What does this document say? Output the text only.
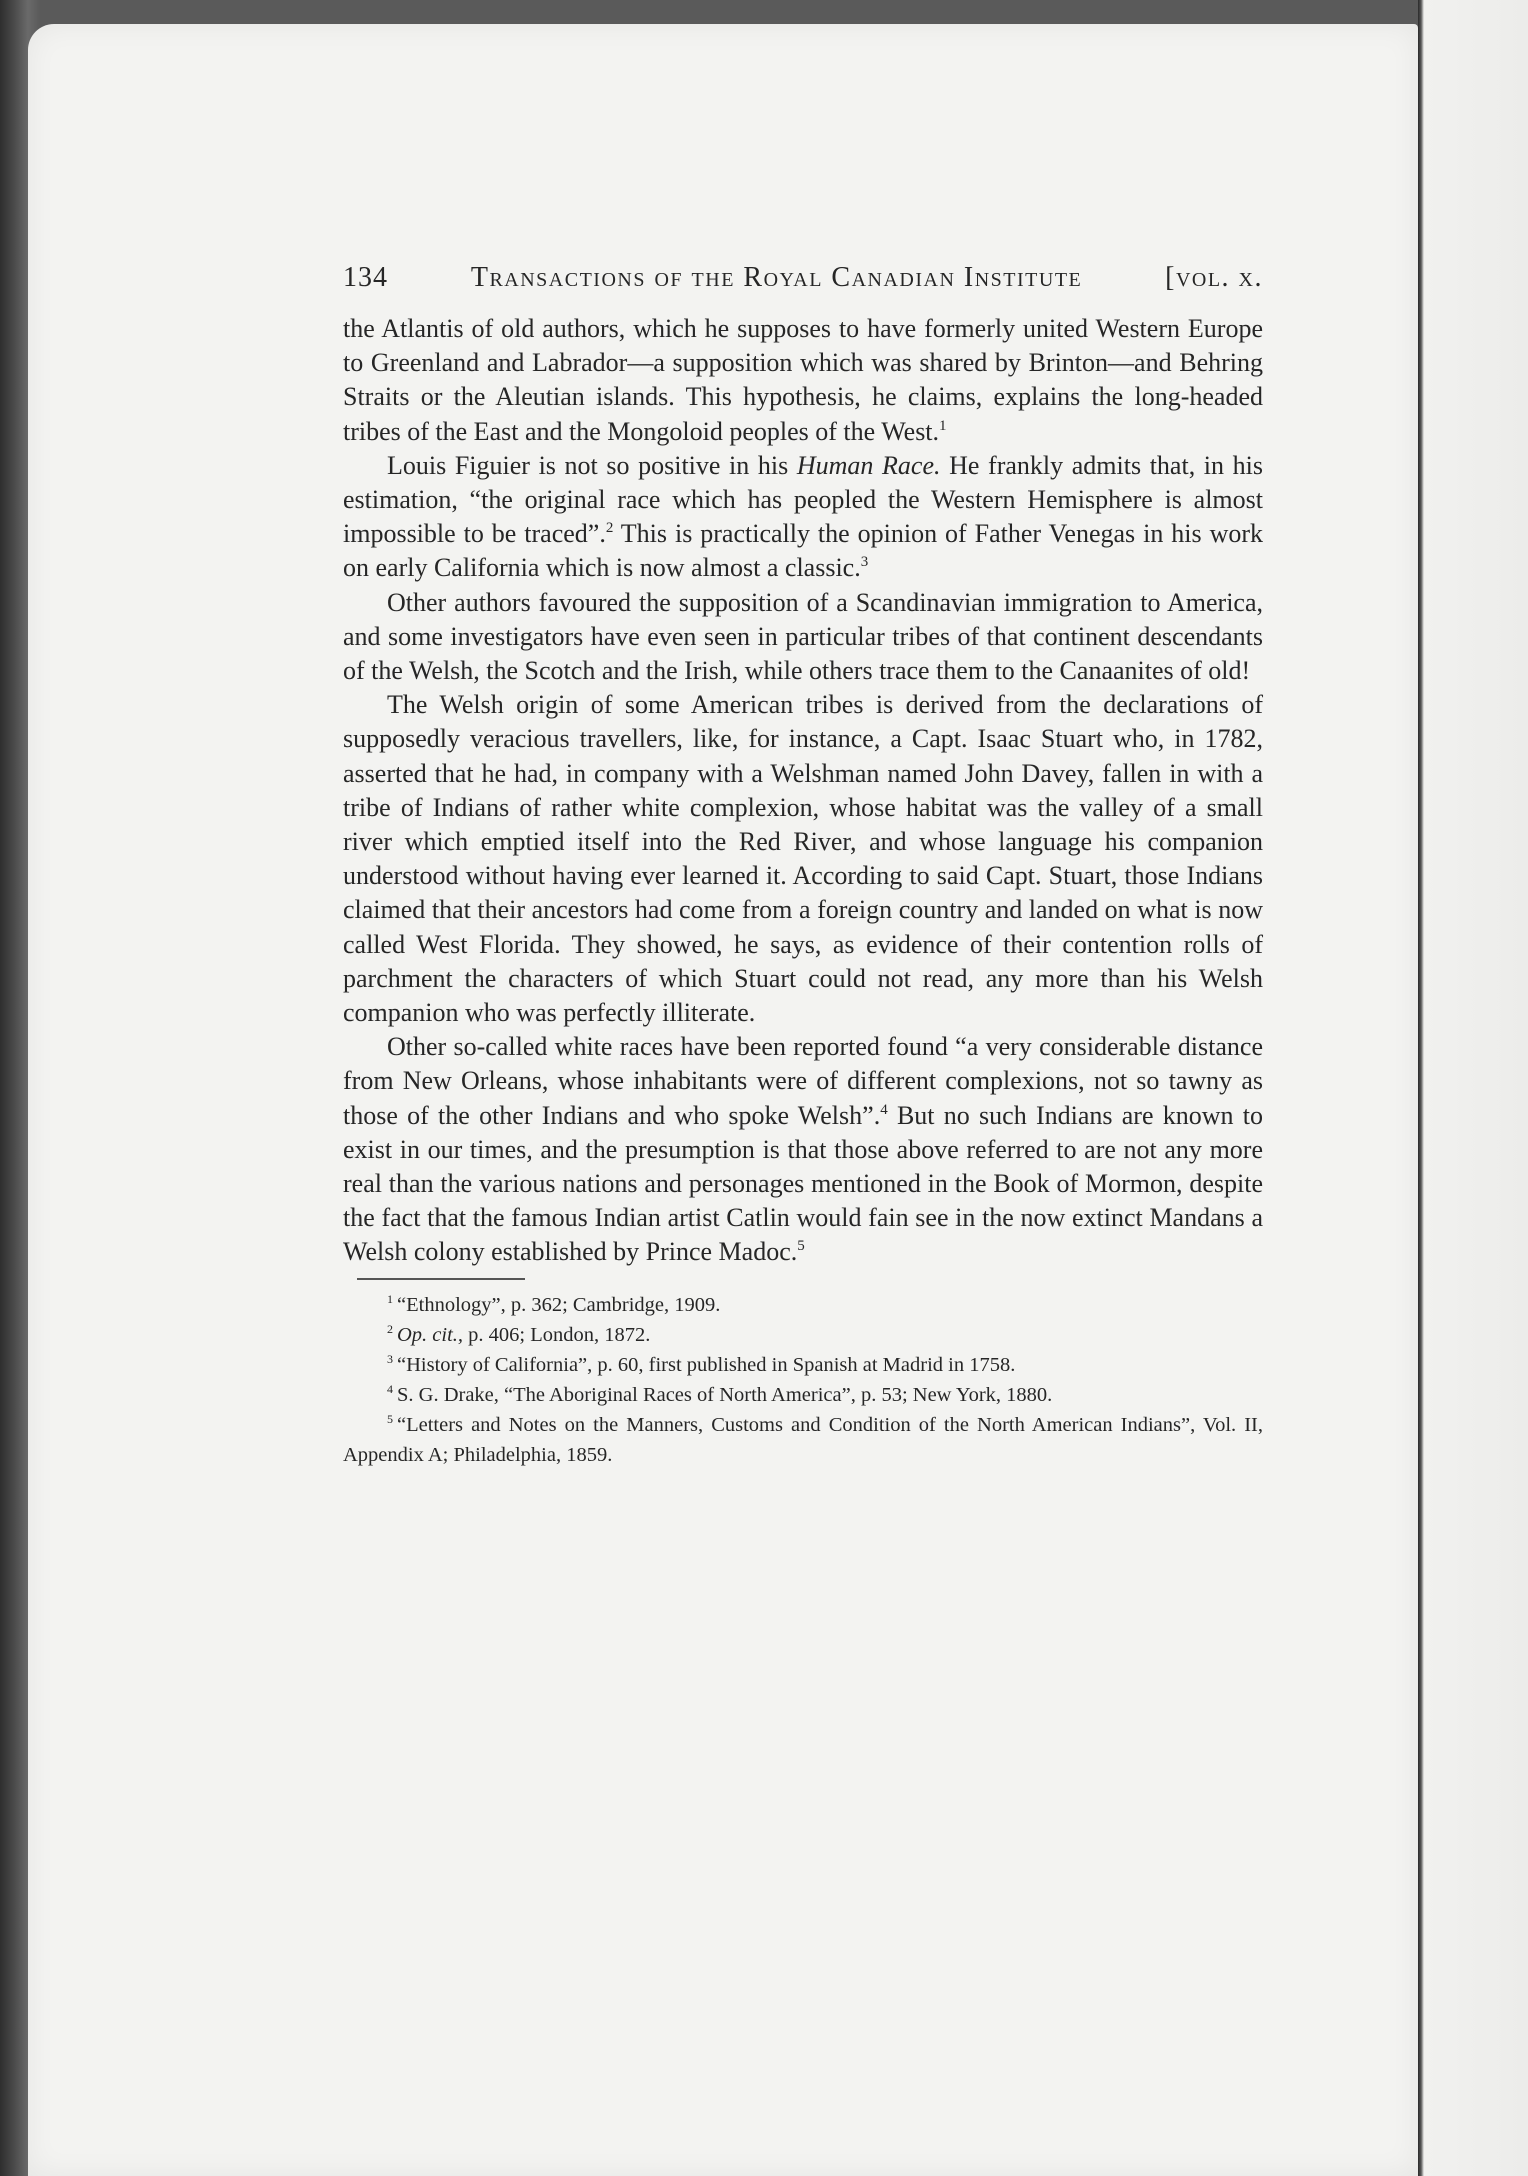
134	Transactions of the Royal Canadian Institute	[vol. x.

the Atlantis of old authors, which he supposes to have formerly united Western Europe to Greenland and Labrador—a supposition which was shared by Brinton—and Behring Straits or the Aleutian islands. This hypothesis, he claims, explains the long-headed tribes of the East and the Mongoloid peoples of the West.$^1$

Louis Figuier is not so positive in his Human Race. He frankly admits that, in his estimation, “the original race which has peopled the Western Hemisphere is almost impossible to be traced”.$^2$ This is practically the opinion of Father Venegas in his work on early California which is now almost a classic.$^3$

Other authors favoured the supposition of a Scandinavian immigration to America, and some investigators have even seen in particular tribes of that continent descendants of the Welsh, the Scotch and the Irish, while others trace them to the Canaanites of old!

The Welsh origin of some American tribes is derived from the declarations of supposedly veracious travellers, like, for instance, a Capt. Isaac Stuart who, in 1782, asserted that he had, in company with a Welshman named John Davey, fallen in with a tribe of Indians of rather white complexion, whose habitat was the valley of a small river which emptied itself into the Red River, and whose language his companion understood without having ever learned it. According to said Capt. Stuart, those Indians claimed that their ancestors had come from a foreign country and landed on what is now called West Florida. They showed, he says, as evidence of their contention rolls of parchment the characters of which Stuart could not read, any more than his Welsh companion who was perfectly illiterate.

Other so-called white races have been reported found “a very considerable distance from New Orleans, whose inhabitants were of different complexions, not so tawny as those of the other Indians and who spoke Welsh”.$^4$ But no such Indians are known to exist in our times, and the presumption is that those above referred to are not any more real than the various nations and personages mentioned in the Book of Mormon, despite the fact that the famous Indian artist Catlin would fain see in the now extinct Mandans a Welsh colony established by Prince Madoc.$^5$

$^1$ “Ethnology”, p. 362; Cambridge, 1909.

$^2$ Op. cit., p. 406; London, 1872.

$^3$ “History of California”, p. 60, first published in Spanish at Madrid in 1758.

$^4$ S. G. Drake, “The Aboriginal Races of North America”, p. 53; New York, 1880.

$^5$ “Letters and Notes on the Manners, Customs and Condition of the North American Indians”, Vol. II, Appendix A; Philadelphia, 1859.
